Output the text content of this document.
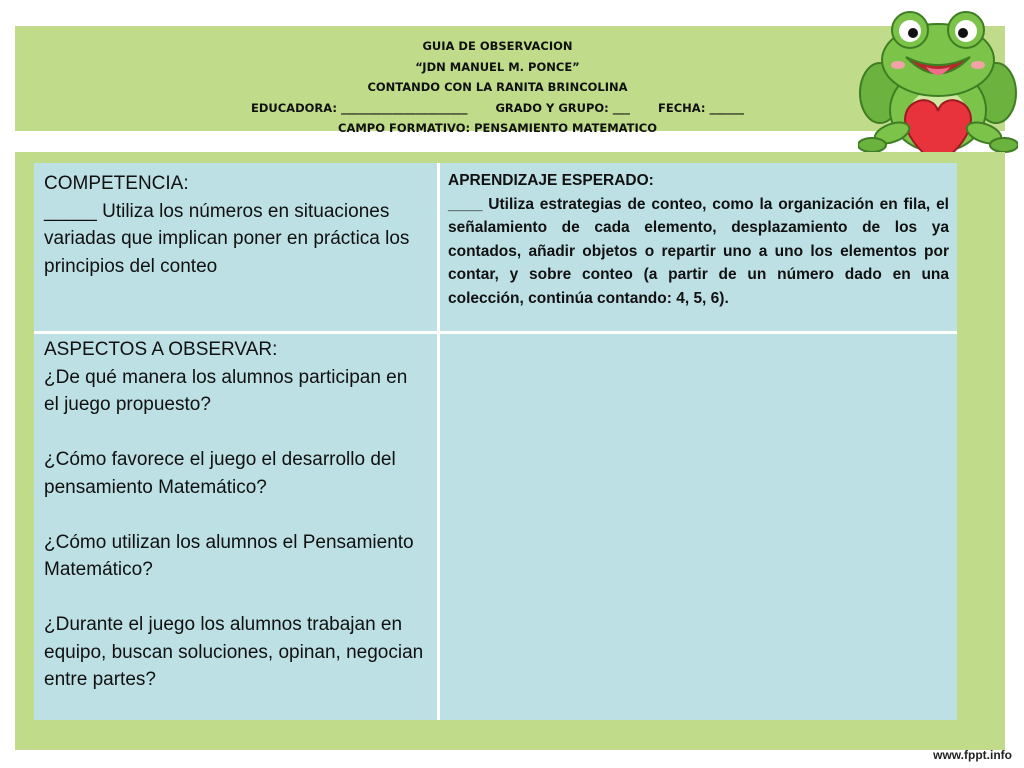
GUIA DE OBSERVACION
“JDN MANUEL M. PONCE”
CONTANDO CON LA RANITA BRINCOLINA
EDUCADORA: ______________________ GRADO Y GRUPO: ___ FECHA: ______
CAMPO FORMATIVO: PENSAMIENTO MATEMATICO
COMPETENCIA:
_____ Utiliza los números en situaciones variadas que implican poner en práctica los principios del conteo
APRENDIZAJE ESPERADO:
____ Utiliza estrategias de conteo, como la organización en fila, el señalamiento de cada elemento, desplazamiento de los ya contados, añadir objetos o repartir uno a uno los elementos por contar, y sobre conteo (a partir de un número dado en una colección, continúa contando: 4, 5, 6).
ASPECTOS A OBSERVAR:
¿De qué manera los alumnos participan en el juego propuesto?
¿Cómo favorece el juego el desarrollo del pensamiento Matemático?
¿Cómo utilizan los alumnos el Pensamiento Matemático?
¿Durante el juego los alumnos trabajan en equipo, buscan soluciones, opinan, negocian entre partes?
www.fppt.info
